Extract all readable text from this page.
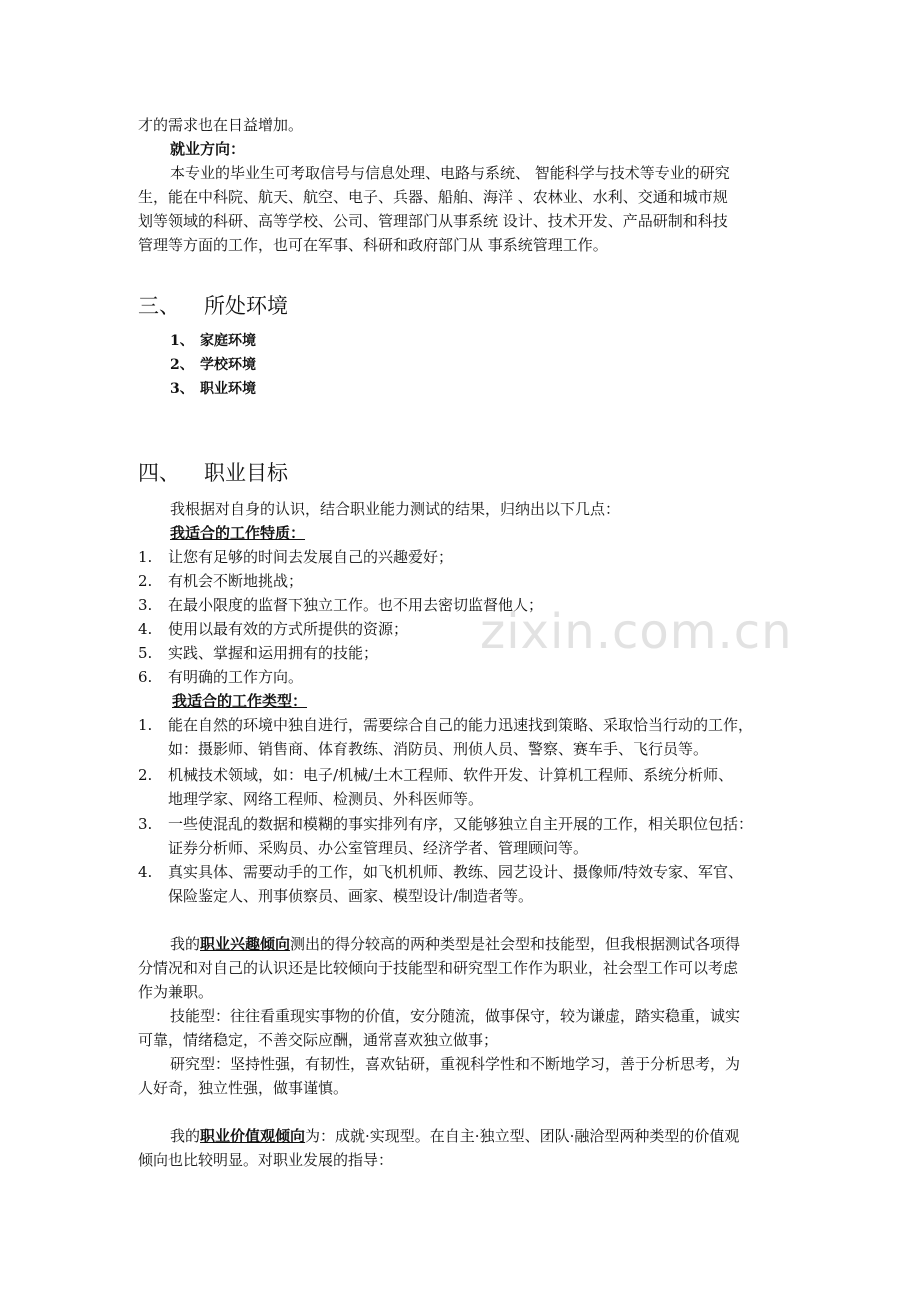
zixin.com.cn
才的需求也在日益增加。
就业方向：
本专业的毕业生可考取信号与信息处理、电路与系统、 智能科学与技术等专业的研究
生，能在中科院、航天、航空、电子、兵器、船舶、海洋 、农林业、水利、交通和城市规
划等领域的科研、高等学校、公司、管理部门从事系统 设计、技术开发、产品研制和科技
管理等方面的工作，也可在军事、科研和政府部门从 事系统管理工作。
三、 所处环境
1、 家庭环境
2、 学校环境
3、 职业环境
四、 职业目标
我根据对自身的认识，结合职业能力测试的结果，归纳出以下几点：
我适合的工作特质：
1. 让您有足够的时间去发展自己的兴趣爱好；
2. 有机会不断地挑战；
3. 在最小限度的监督下独立工作。也不用去密切监督他人；
4. 使用以最有效的方式所提供的资源；
5. 实践、掌握和运用拥有的技能；
6. 有明确的工作方向。
我适合的工作类型：
1. 能在自然的环境中独自进行，需要综合自己的能力迅速找到策略、采取恰当行动的工作，
如：摄影师、销售商、体育教练、消防员、刑侦人员、警察、赛车手、飞行员等。
2. 机械技术领域，如：电子/机械/土木工程师、软件开发、计算机工程师、系统分析师、
地理学家、网络工程师、检测员、外科医师等。
3. 一些使混乱的数据和模糊的事实排列有序，又能够独立自主开展的工作，相关职位包括：
证券分析师、采购员、办公室管理员、经济学者、管理顾问等。
4. 真实具体、需要动手的工作，如飞机机师、教练、园艺设计、摄像师/特效专家、军官、
保险鉴定人、刑事侦察员、画家、模型设计/制造者等。
我的职业兴趣倾向测出的得分较高的两种类型是社会型和技能型，但我根据测试各项得
分情况和对自己的认识还是比较倾向于技能型和研究型工作作为职业，社会型工作可以考虑
作为兼职。
技能型：往往看重现实事物的价值，安分随流，做事保守，较为谦虚，踏实稳重，诚实
可靠，情绪稳定，不善交际应酬，通常喜欢独立做事；
研究型：坚持性强，有韧性，喜欢钻研，重视科学性和不断地学习，善于分析思考，为
人好奇，独立性强，做事谨慎。
我的职业价值观倾向为：成就·实现型。在自主·独立型、团队·融洽型两种类型的价值观
倾向也比较明显。对职业发展的指导：
